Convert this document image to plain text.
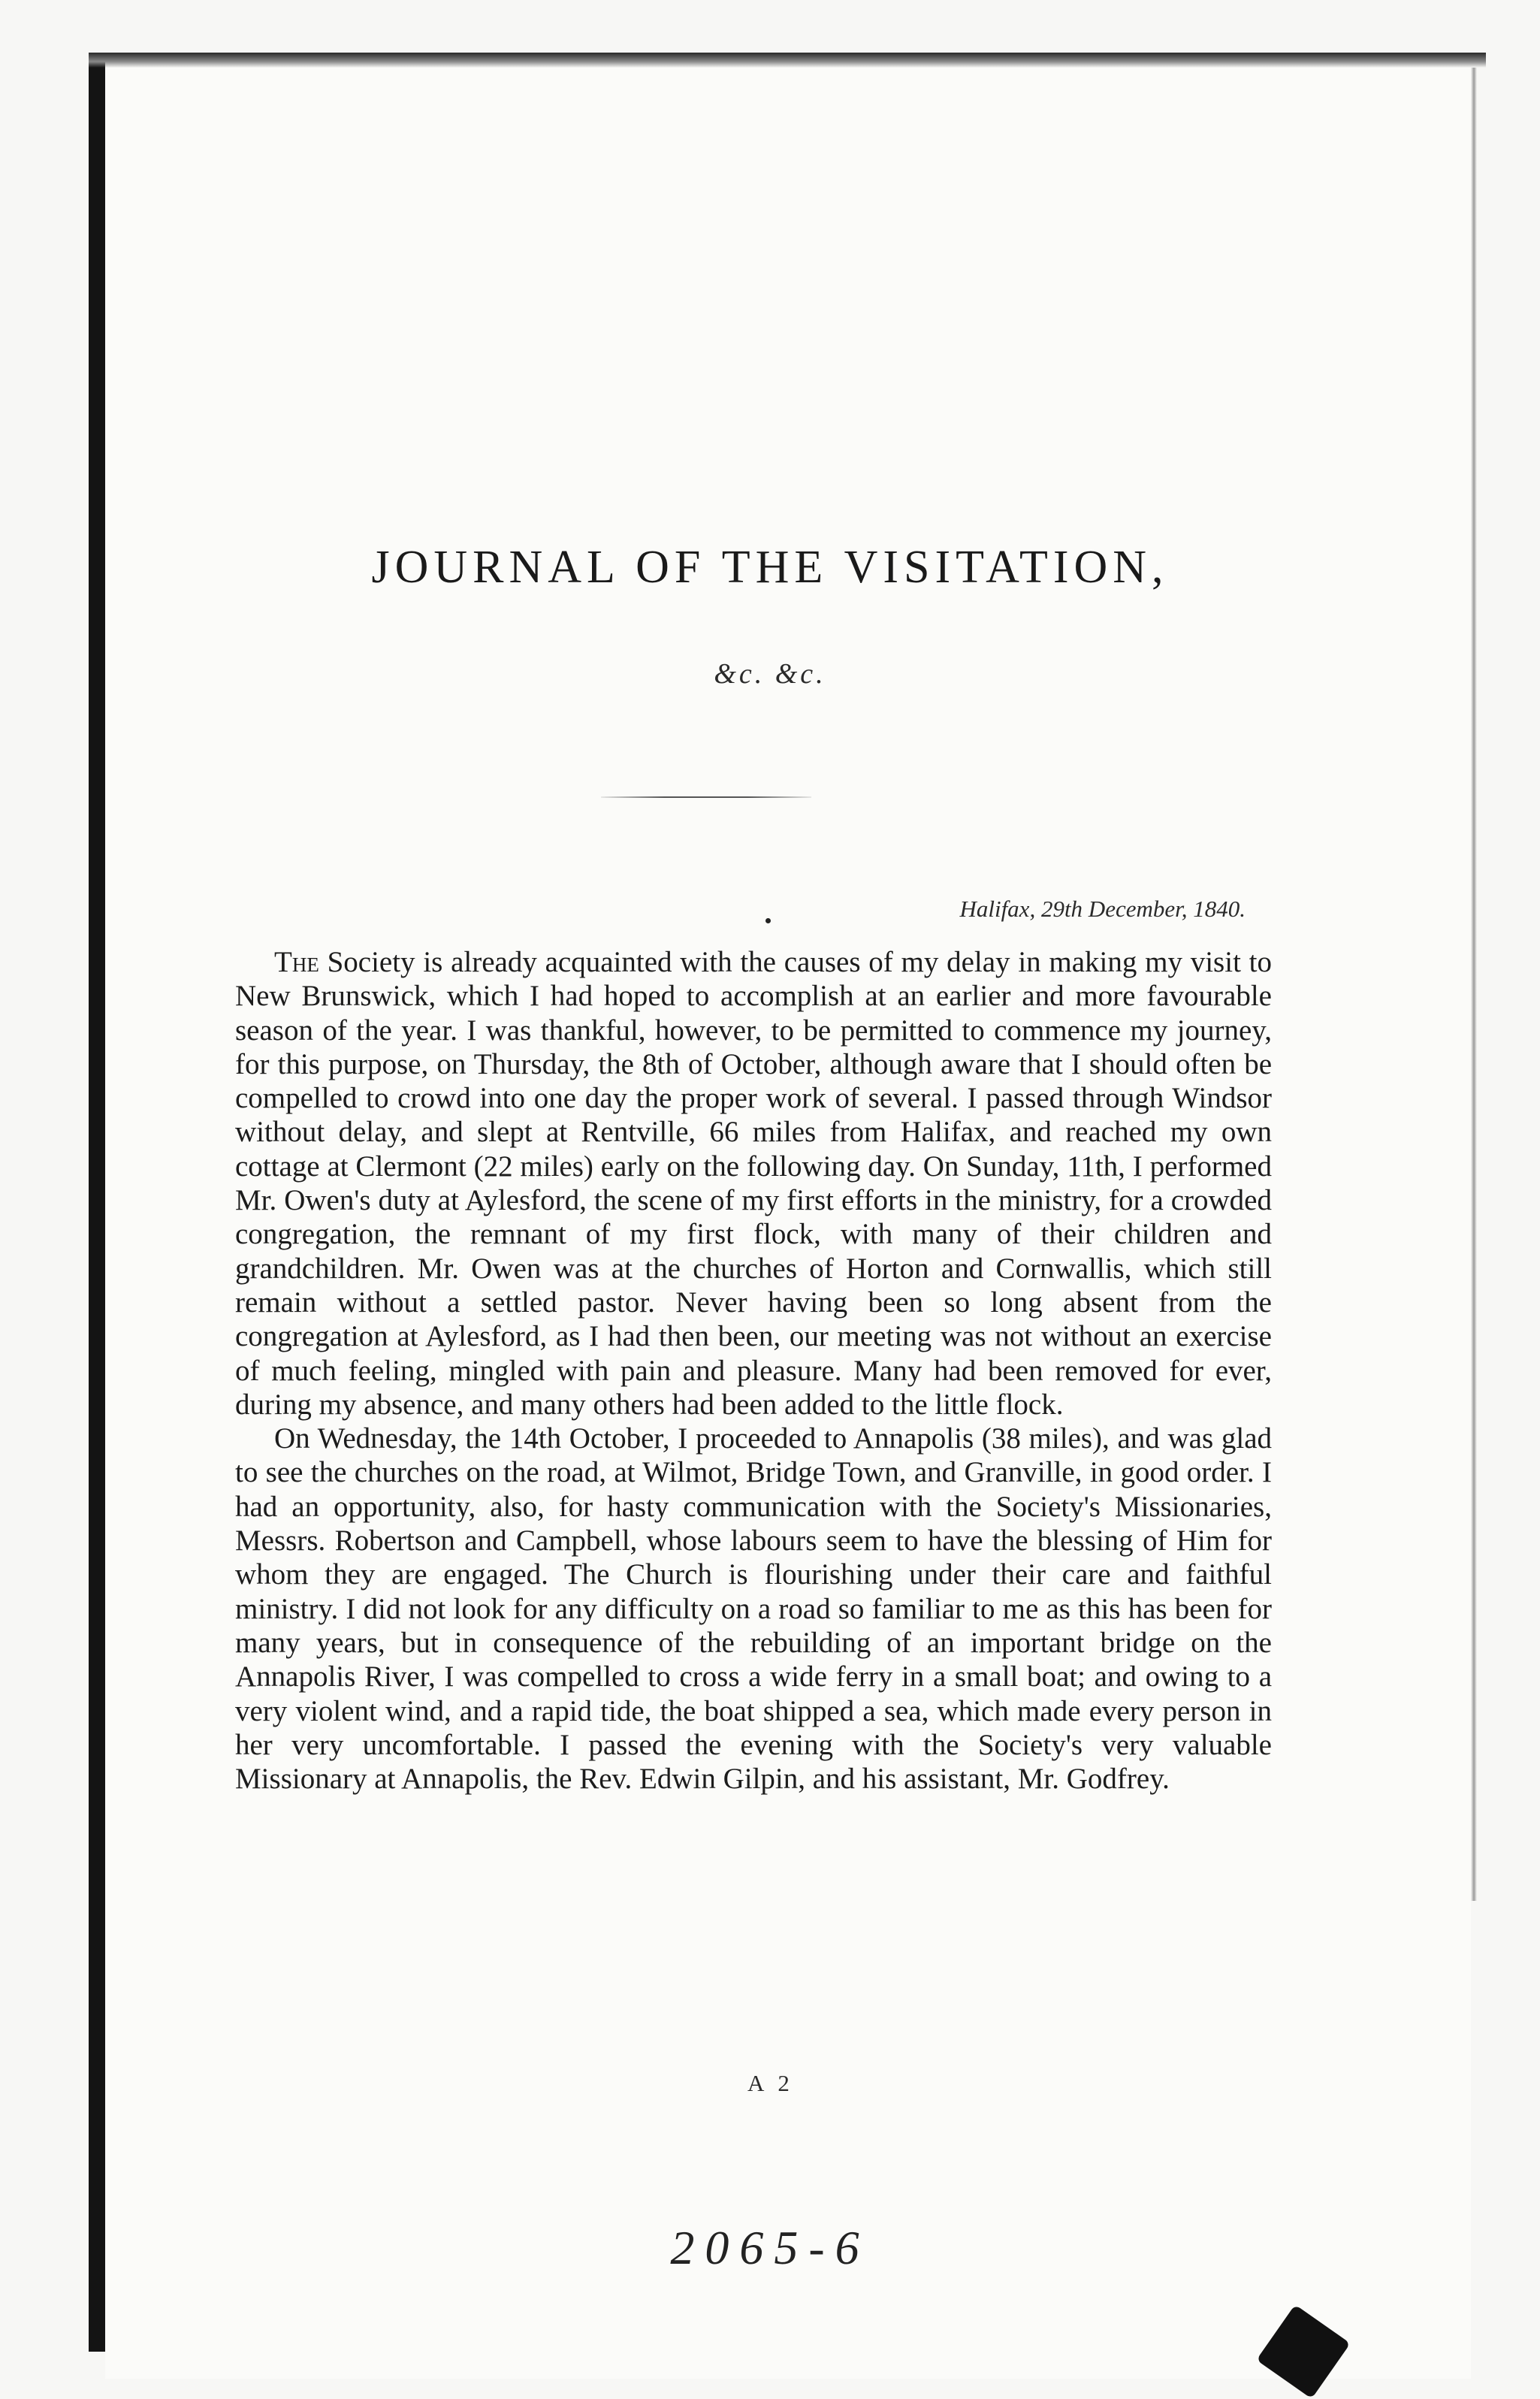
JOURNAL OF THE VISITATION,
&c. &c.
Halifax, 29th December, 1840.

The Society is already acquainted with the causes of my delay in making my visit to New Brunswick, which I had hoped to accomplish at an earlier and more favourable season of the year. I was thankful, however, to be permitted to commence my journey, for this purpose, on Thursday, the 8th of October, although aware that I should often be compelled to crowd into one day the proper work of several. I passed through Windsor without delay, and slept at Rentville, 66 miles from Halifax, and reached my own cottage at Clermont (22 miles) early on the following day. On Sunday, 11th, I performed Mr. Owen's duty at Aylesford, the scene of my first efforts in the ministry, for a crowded congregation, the remnant of my first flock, with many of their children and grandchildren. Mr. Owen was at the churches of Horton and Cornwallis, which still remain without a settled pastor. Never having been so long absent from the congregation at Aylesford, as I had then been, our meeting was not without an exercise of much feeling, mingled with pain and pleasure. Many had been removed for ever, during my absence, and many others had been added to the little flock.

On Wednesday, the 14th October, I proceeded to Annapolis (38 miles), and was glad to see the churches on the road, at Wilmot, Bridge Town, and Granville, in good order. I had an opportunity, also, for hasty communication with the Society's Missionaries, Messrs. Robertson and Campbell, whose labours seem to have the blessing of Him for whom they are engaged. The Church is flourishing under their care and faithful ministry. I did not look for any difficulty on a road so familiar to me as this has been for many years, but in consequence of the rebuilding of an important bridge on the Annapolis River, I was compelled to cross a wide ferry in a small boat; and owing to a very violent wind, and a rapid tide, the boat shipped a sea, which made every person in her very uncomfortable. I passed the evening with the Society's very valuable Missionary at Annapolis, the Rev. Edwin Gilpin, and his assistant, Mr. Godfrey.

A 2
2065-6
